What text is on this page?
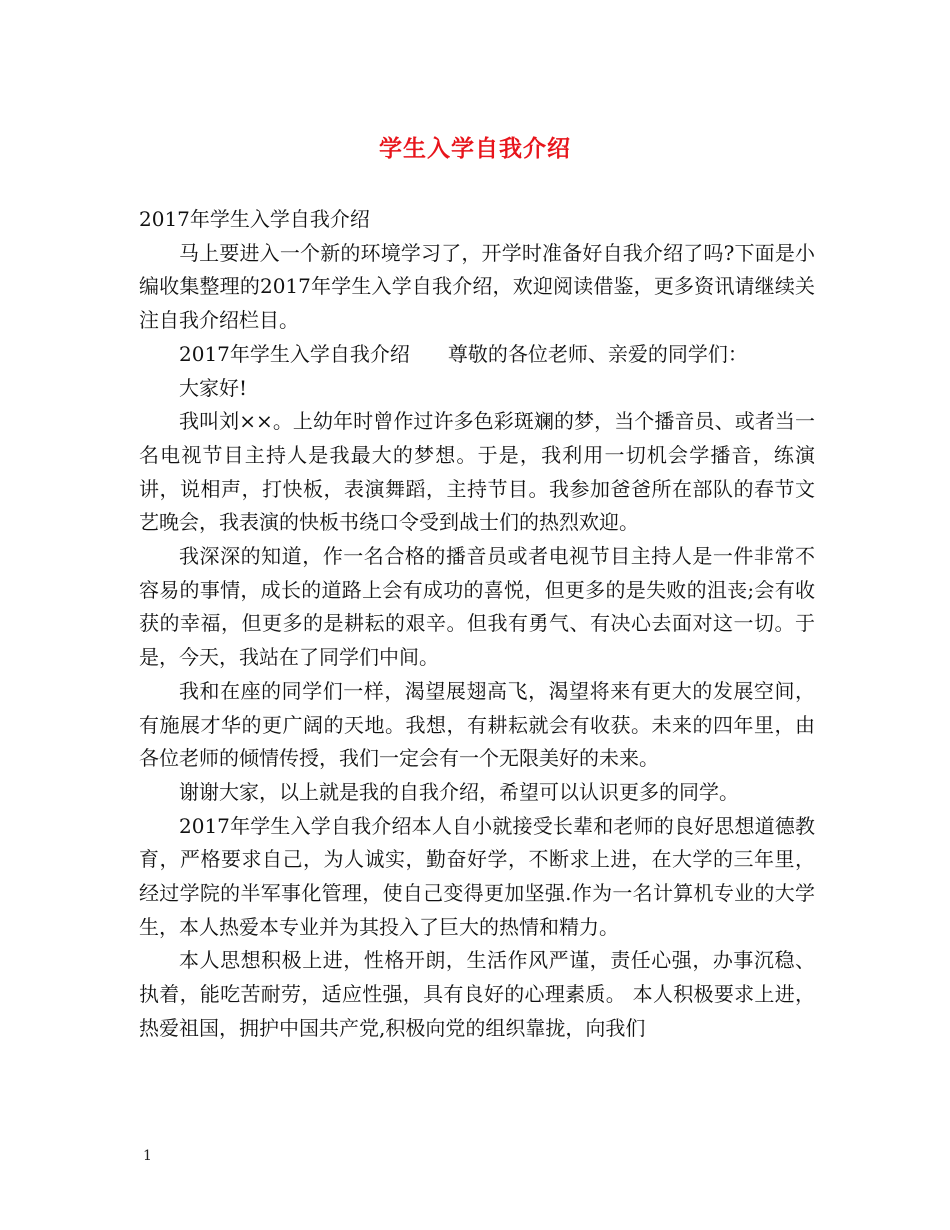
学生入学自我介绍

2017年学生入学自我介绍

马上要进入一个新的环境学习了，开学时准备好自我介绍了吗?下面是小编收集整理的2017年学生入学自我介绍，欢迎阅读借鉴，更多资讯请继续关注自我介绍栏目。

2017年学生入学自我介绍 尊敬的各位老师、亲爱的同学们：

大家好!

我叫刘××。上幼年时曾作过许多色彩斑斓的梦，当个播音员、或者当一名电视节目主持人是我最大的梦想。于是，我利用一切机会学播音，练演讲，说相声，打快板，表演舞蹈，主持节目。我参加爸爸所在部队的春节文艺晚会，我表演的快板书绕口令受到战士们的热烈欢迎。

我深深的知道，作一名合格的播音员或者电视节目主持人是一件非常不容易的事情，成长的道路上会有成功的喜悦，但更多的是失败的沮丧;会有收获的幸福，但更多的是耕耘的艰辛。但我有勇气、有决心去面对这一切。于是，今天，我站在了同学们中间。

我和在座的同学们一样，渴望展翅高飞，渴望将来有更大的发展空间，有施展才华的更广阔的天地。我想，有耕耘就会有收获。未来的四年里，由各位老师的倾情传授，我们一定会有一个无限美好的未来。

谢谢大家，以上就是我的自我介绍，希望可以认识更多的同学。

2017年学生入学自我介绍本人自小就接受长辈和老师的良好思想道德教育，严格要求自己，为人诚实，勤奋好学，不断求上进，在大学的三年里，经过学院的半军事化管理，使自己变得更加坚强.作为一名计算机专业的大学生，本人热爱本专业并为其投入了巨大的热情和精力。

本人思想积极上进，性格开朗，生活作风严谨，责任心强，办事沉稳、执着，能吃苦耐劳，适应性强，具有良好的心理素质。 本人积极要求上进，热爱祖国，拥护中国共产党,积极向党的组织靠拢，向我们

1
